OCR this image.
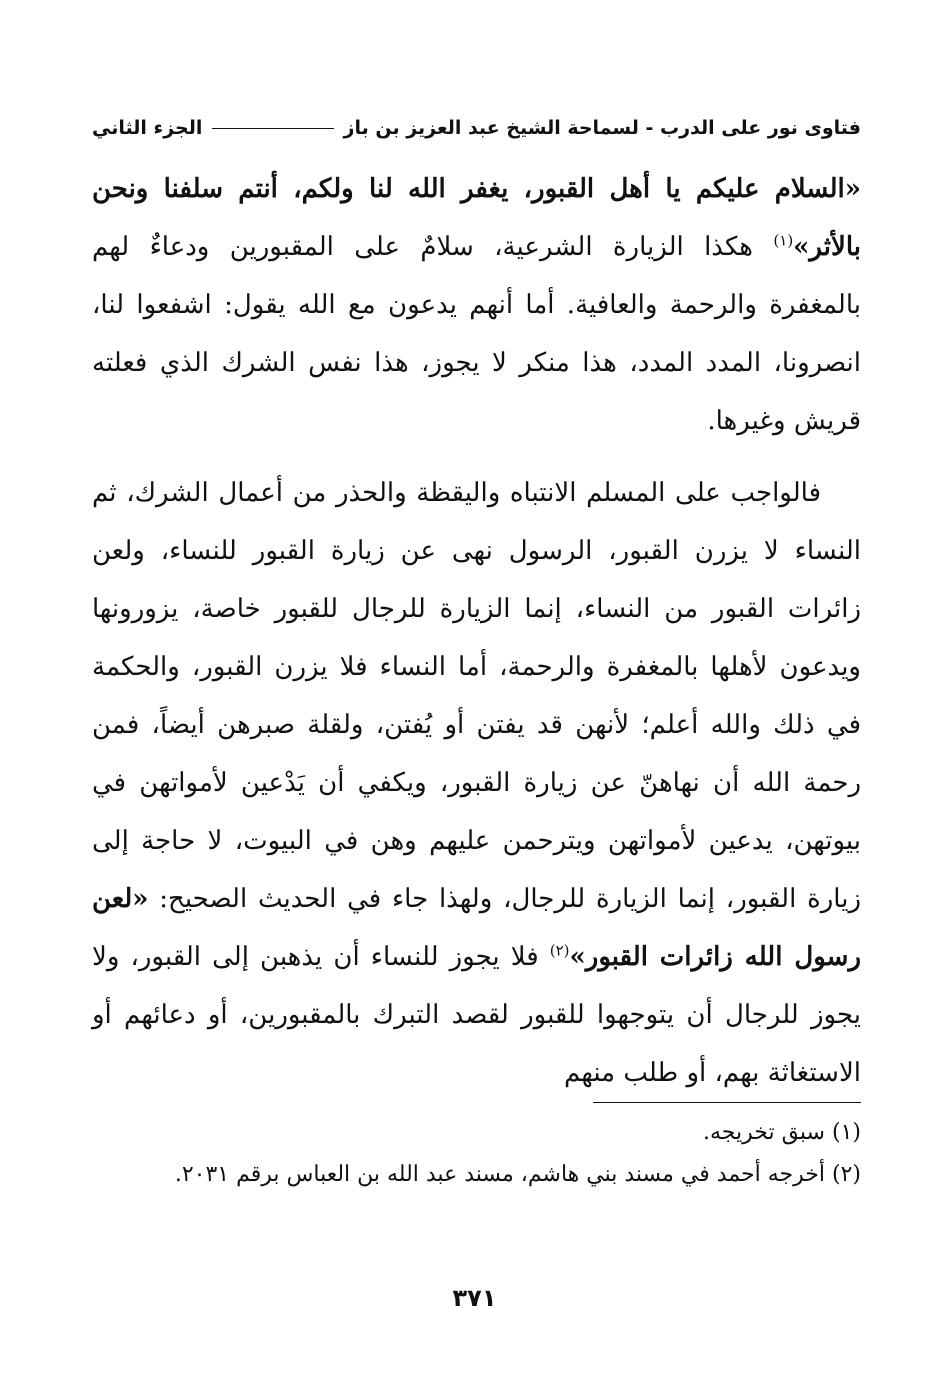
فتاوى نور على الدرب - لسماحة الشيخ عبد العزيز بن باز
الجزء الثاني

«السلام عليكم يا أهل القبور، يغفر الله لنا ولكم، أنتم سلفنا ونحن بالأثر»$^{(١)}$ هكذا الزيارة الشرعية، سلامٌ على المقبورين ودعاءٌ لهم بالمغفرة والرحمة والعافية. أما أنهم يدعون مع الله يقول: اشفعوا لنا، انصرونا، المدد المدد، هذا منكر لا يجوز، هذا نفس الشرك الذي فعلته قريش وغيرها.

فالواجب على المسلم الانتباه واليقظة والحذر من أعمال الشرك، ثم النساء لا يزرن القبور، الرسول نهى عن زيارة القبور للنساء، ولعن زائرات القبور من النساء، إنما الزيارة للرجال للقبور خاصة، يزورونها ويدعون لأهلها بالمغفرة والرحمة، أما النساء فلا يزرن القبور، والحكمة في ذلك والله أعلم؛ لأنهن قد يفتن أو يُفتن، ولقلة صبرهن أيضاً، فمن رحمة الله أن نهاهنّ عن زيارة القبور، ويكفي أن يَدْعين لأمواتهن في بيوتهن، يدعين لأمواتهن ويترحمن عليهم وهن في البيوت، لا حاجة إلى زيارة القبور، إنما الزيارة للرجال، ولهذا جاء في الحديث الصحيح: «لعن رسول الله زائرات القبور»$^{(٢)}$ فلا يجوز للنساء أن يذهبن إلى القبور، ولا يجوز للرجال أن يتوجهوا للقبور لقصد التبرك بالمقبورين، أو دعائهم أو الاستغاثة بهم، أو طلب منهم

(١) سبق تخريجه.

(٢) أخرجه أحمد في مسند بني هاشم، مسند عبد الله بن العباس برقم ٢٠٣١.

٣٧١
